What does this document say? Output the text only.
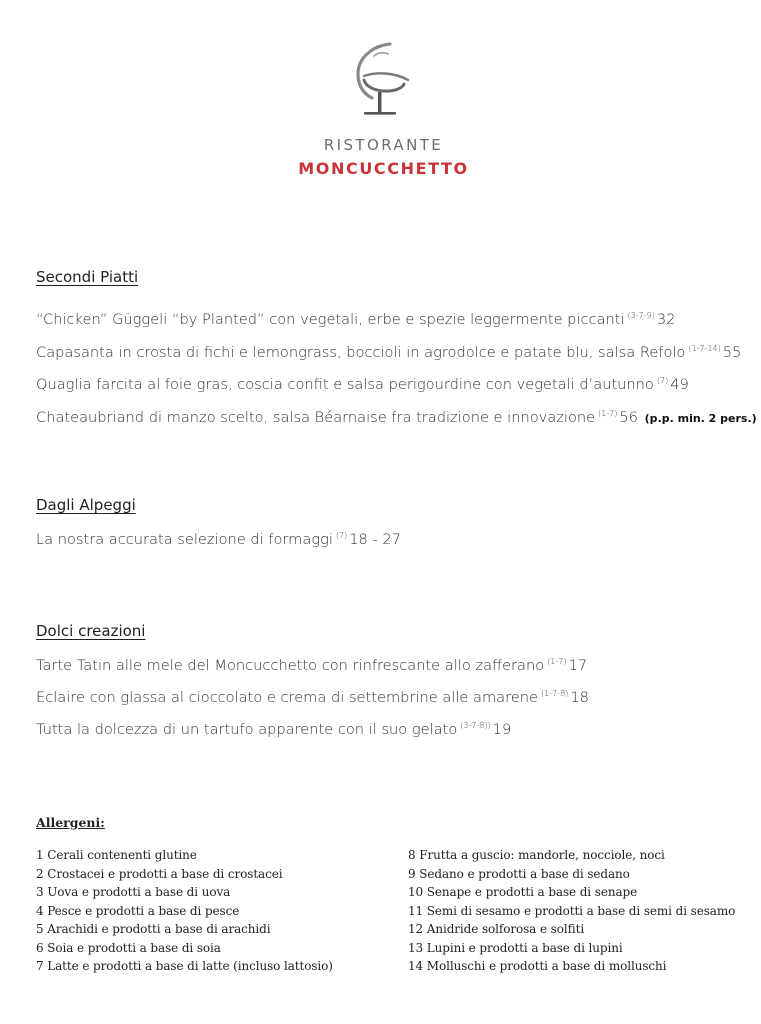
RISTORANTE
MONCUCCHETTO
Secondi Piatti
“Chicken” Güggeli “by Planted” con vegetali, erbe e spezie leggermente piccanti $^{(3-7-9)}$ 32
Capasanta in crosta di fichi e lemongrass, boccioli in agrodolce e patate blu, salsa Refolo $^{(1-7-14)}$ 55
Quaglia farcita al foie gras, coscia confit e salsa perigourdine con vegetali d’autunno $^{(7)}$ 49
Chateaubriand di manzo scelto, salsa Béarnaise fra tradizione e innovazione $^{(1-7)}$ 56 (p.p. min. 2 pers.)
Dagli Alpeggi
La nostra accurata selezione di formaggi $^{(7)}$ 18 - 27
Dolci creazioni
Tarte Tatin alle mele del Moncucchetto con rinfrescante allo zafferano $^{(1-7)}$ 17
Eclaire con glassa al cioccolato e crema di settembrine alle amarene $^{(1-7-8)}$ 18
Tutta la dolcezza di un tartufo apparente con il suo gelato $^{(3-7-8))}$ 19
Allergeni:
1 Cerali contenenti glutine
2 Crostacei e prodotti a base di crostacei
3 Uova e prodotti a base di uova
4 Pesce e prodotti a base di pesce
5 Arachidi e prodotti a base di arachidi
6 Soia e prodotti a base di soia
7 Latte e prodotti a base di latte (incluso lattosio)
8 Frutta a guscio: mandorle, nocciole, noci
9 Sedano e prodotti a base di sedano
10 Senape e prodotti a base di senape
11 Semi di sesamo e prodotti a base di semi di sesamo
12 Anidride solforosa e solfiti
13 Lupini e prodotti a base di lupini
14 Molluschi e prodotti a base di molluschi
